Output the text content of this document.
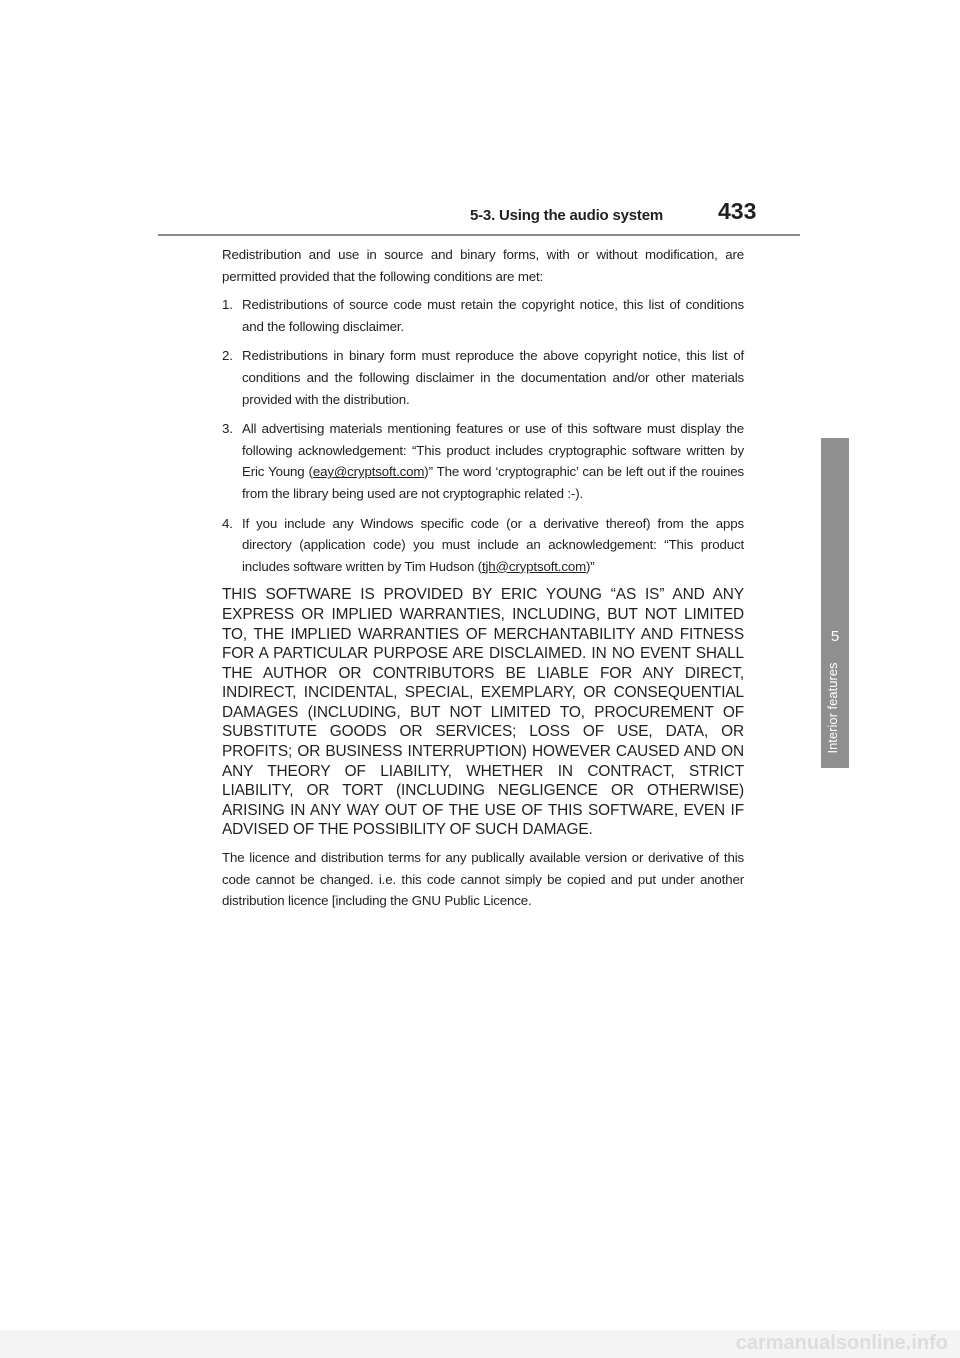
5-3. Using the audio system 433
5
Interior features

Redistribution and use in source and binary forms, with or without modification, are permitted provided that the following conditions are met:

1. Redistributions of source code must retain the copyright notice, this list of conditions and the following disclaimer.
2. Redistributions in binary form must reproduce the above copyright notice, this list of conditions and the following disclaimer in the documentation and/or other materials provided with the distribution.
3. All advertising materials mentioning features or use of this software must display the following acknowledgement: “This product includes cryptographic software written by Eric Young (eay@cryptsoft.com)” The word ‘cryptographic’ can be left out if the rouines from the library being used are not cryptographic related :-).
4. If you include any Windows specific code (or a derivative thereof) from the apps directory (application code) you must include an acknowledgement: “This product includes software written by Tim Hudson (tjh@cryptsoft.com)”

THIS SOFTWARE IS PROVIDED BY ERIC YOUNG “AS IS” AND ANY EXPRESS OR IMPLIED WARRANTIES, INCLUDING, BUT NOT LIMITED TO, THE IMPLIED WARRANTIES OF MERCHANTABILITY AND FITNESS FOR A PARTICULAR PURPOSE ARE DISCLAIMED. IN NO EVENT SHALL THE AUTHOR OR CONTRIBUTORS BE LIABLE FOR ANY DIRECT, INDIRECT, INCIDENTAL, SPECIAL, EXEMPLARY, OR CONSEQUENTIAL DAMAGES (INCLUDING, BUT NOT LIMITED TO, PROCUREMENT OF SUBSTITUTE GOODS OR SERVICES; LOSS OF USE, DATA, OR PROFITS; OR BUSINESS INTERRUPTION) HOWEVER CAUSED AND ON ANY THEORY OF LIABILITY, WHETHER IN CONTRACT, STRICT LIABILITY, OR TORT (INCLUDING NEGLIGENCE OR OTHERWISE) ARISING IN ANY WAY OUT OF THE USE OF THIS SOFTWARE, EVEN IF ADVISED OF THE POSSIBILITY OF SUCH DAMAGE.

The licence and distribution terms for any publically available version or derivative of this code cannot be changed. i.e. this code cannot simply be copied and put under another distribution licence [including the GNU Public Licence.

carmanualsonline.info
